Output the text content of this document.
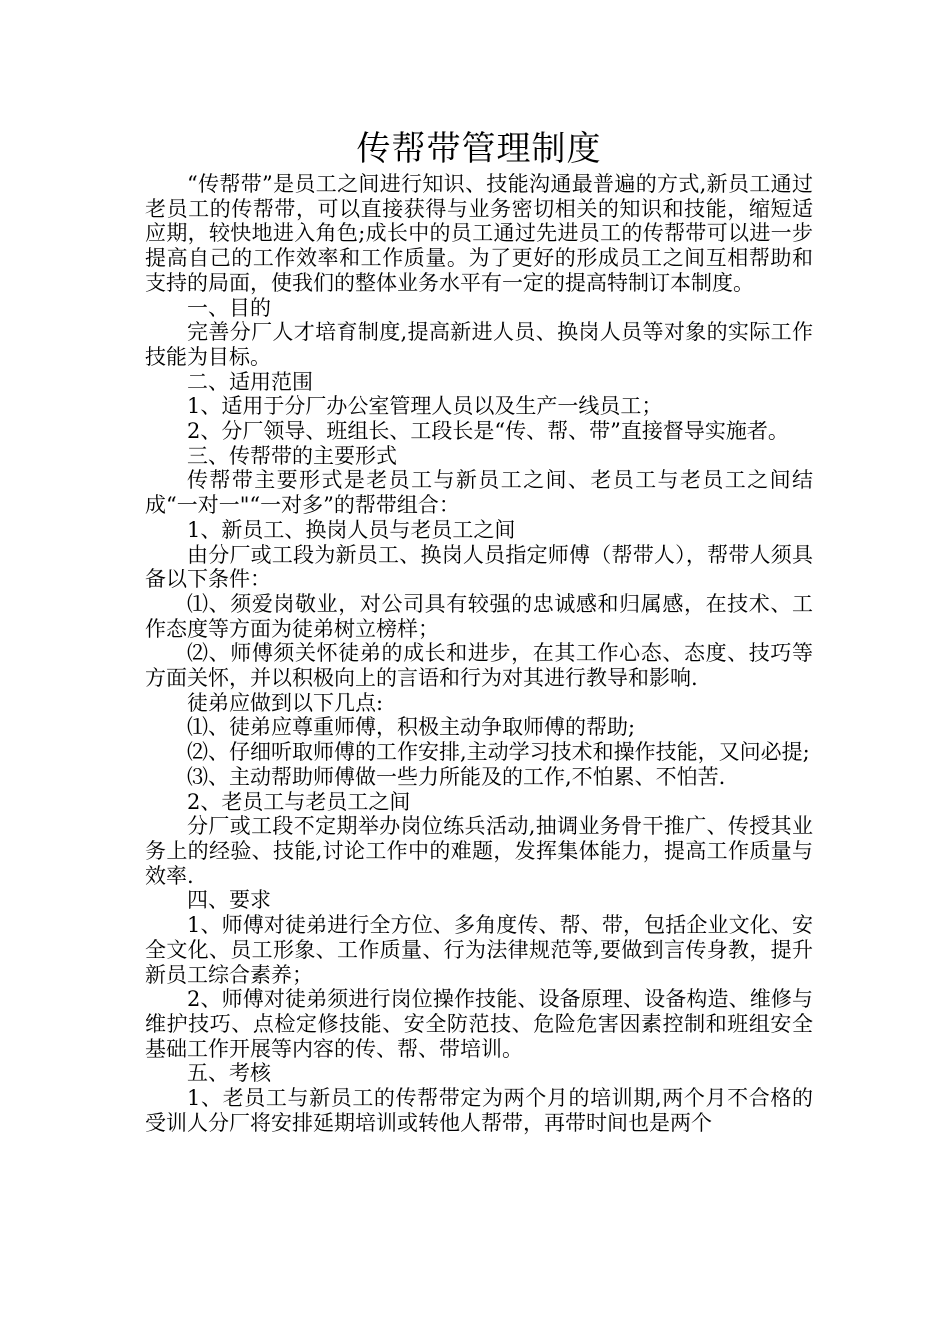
传帮带管理制度

“传帮带”是员工之间进行知识、技能沟通最普遍的方式,新员工通过老员工的传帮带，可以直接获得与业务密切相关的知识和技能，缩短适应期，较快地进入角色;成长中的员工通过先进员工的传帮带可以进一步提高自己的工作效率和工作质量。为了更好的形成员工之间互相帮助和支持的局面，使我们的整体业务水平有一定的提高特制订本制度。

一、目的

完善分厂人才培育制度,提高新进人员、换岗人员等对象的实际工作技能为目标。

二、适用范围

1、适用于分厂办公室管理人员以及生产一线员工；

2、分厂领导、班组长、工段长是“传、帮、带”直接督导实施者。

三、传帮带的主要形式

传帮带主要形式是老员工与新员工之间、老员工与老员工之间结成“一对一"“一对多”的帮带组合：

1、新员工、换岗人员与老员工之间

由分厂或工段为新员工、换岗人员指定师傅（帮带人），帮带人须具备以下条件：

⑴、须爱岗敬业，对公司具有较强的忠诚感和归属感，在技术、工作态度等方面为徒弟树立榜样；

⑵、师傅须关怀徒弟的成长和进步，在其工作心态、态度、技巧等方面关怀，并以积极向上的言语和行为对其进行教导和影响.

徒弟应做到以下几点:

⑴、徒弟应尊重师傅，积极主动争取师傅的帮助;

⑵、仔细听取师傅的工作安排,主动学习技术和操作技能，又问必提;

⑶、主动帮助师傅做一些力所能及的工作,不怕累、不怕苦.

2、老员工与老员工之间

分厂或工段不定期举办岗位练兵活动,抽调业务骨干推广、传授其业务上的经验、技能,讨论工作中的难题，发挥集体能力，提高工作质量与效率.

四、要求

1、师傅对徒弟进行全方位、多角度传、帮、带，包括企业文化、安全文化、员工形象、工作质量、行为法律规范等,要做到言传身教，提升新员工综合素养；

2、师傅对徒弟须进行岗位操作技能、设备原理、设备构造、维修与维护技巧、点检定修技能、安全防范技、危险危害因素控制和班组安全基础工作开展等内容的传、帮、带培训。

五、考核

1、老员工与新员工的传帮带定为两个月的培训期,两个月不合格的受训人分厂将安排延期培训或转他人帮带，再带时间也是两个
